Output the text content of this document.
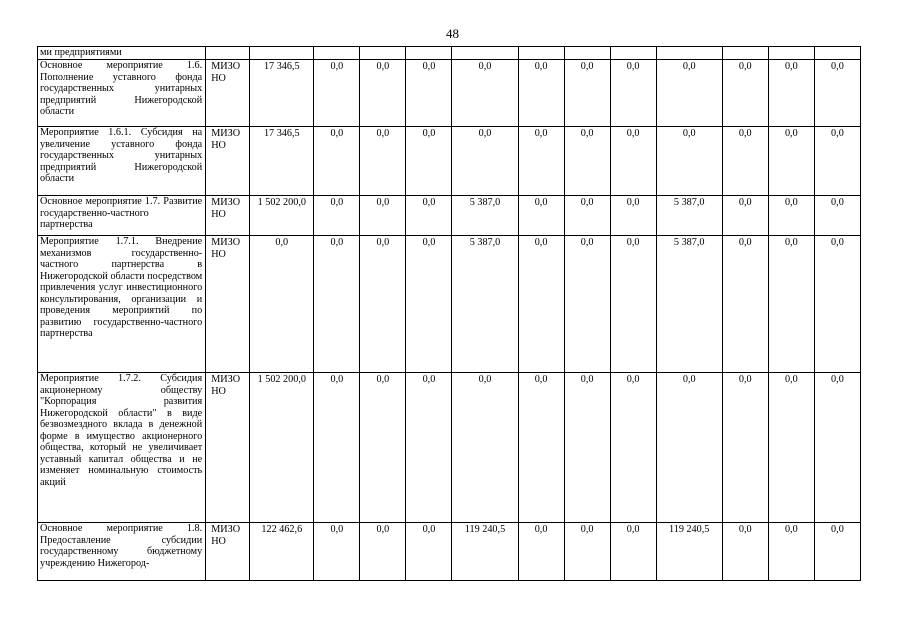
48
ми предприятиями													
Основное мероприятие 1.6. Пополнение уставного фонда государственных унитарных предприятий Нижегородской области	МИЗО НО	17 346,5	0,0	0,0	0,0	0,0	0,0	0,0	0,0	0,0	0,0	0,0	0,0
Мероприятие 1.6.1. Субсидия на увеличение уставного фонда государственных унитарных предприятий Нижегородской области	МИЗО НО	17 346,5	0,0	0,0	0,0	0,0	0,0	0,0	0,0	0,0	0,0	0,0	0,0
Основное мероприятие 1.7. Развитие государственно-частного партнерства	МИЗО НО	1 502 200,0	0,0	0,0	0,0	5 387,0	0,0	0,0	0,0	5 387,0	0,0	0,0	0,0
Мероприятие 1.7.1. Внедрение механизмов государственно-частного партнерства в Нижегородской области посредством привлечения услуг инвестиционного консультирования, организации и проведения мероприятий по развитию государственно-частного партнерства	МИЗО НО	0,0	0,0	0,0	0,0	5 387,0	0,0	0,0	0,0	5 387,0	0,0	0,0	0,0
Мероприятие 1.7.2. Субсидия акционерному обществу "Корпорация развития Нижегородской области" в виде безвозмездного вклада в денежной форме в имущество акционерного общества, который не увеличивает уставный капитал общества и не изменяет номинальную стоимость акций	МИЗО НО	1 502 200,0	0,0	0,0	0,0	0,0	0,0	0,0	0,0	0,0	0,0	0,0	0,0
Основное мероприятие 1.8. Предоставление субсидии государственному бюджетному учреждению Нижегород-	МИЗО НО	122 462,6	0,0	0,0	0,0	119 240,5	0,0	0,0	0,0	119 240,5	0,0	0,0	0,0
